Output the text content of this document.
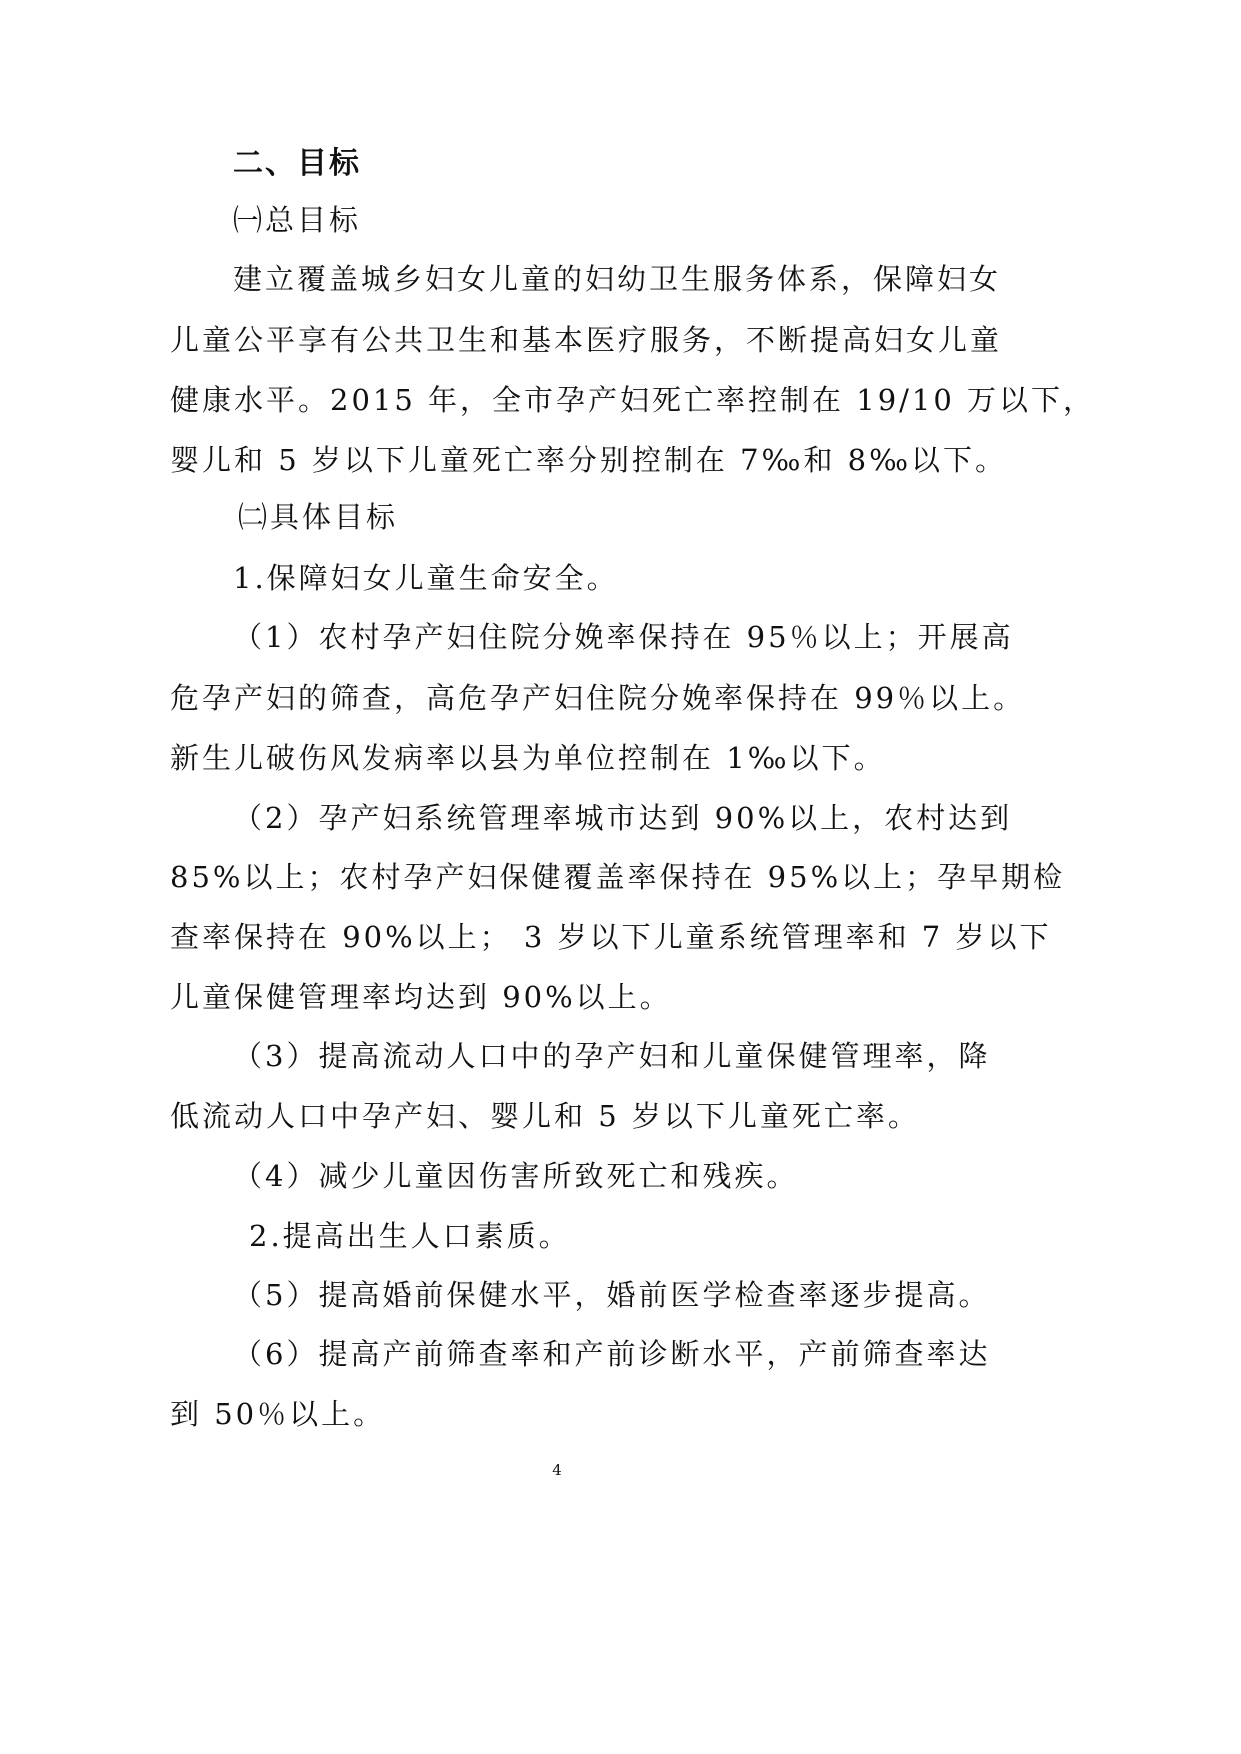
二、目标

㈠总目标

建立覆盖城乡妇女儿童的妇幼卫生服务体系，保障妇女

儿童公平享有公共卫生和基本医疗服务，不断提高妇女儿童

健康水平。2015 年，全市孕产妇死亡率控制在 19/10 万以下，

婴儿和 5 岁以下儿童死亡率分别控制在 7‰和 8‰以下。

㈡具体目标

1.保障妇女儿童生命安全。

（1）农村孕产妇住院分娩率保持在 95％以上；开展高

危孕产妇的筛查，高危孕产妇住院分娩率保持在 99％以上。

新生儿破伤风发病率以县为单位控制在 1‰以下。

（2）孕产妇系统管理率城市达到 90%以上，农村达到

85%以上；农村孕产妇保健覆盖率保持在 95%以上；孕早期检

查率保持在 90%以上； 3 岁以下儿童系统管理率和 7 岁以下

儿童保健管理率均达到 90%以上。

（3）提高流动人口中的孕产妇和儿童保健管理率，降

低流动人口中孕产妇、婴儿和 5 岁以下儿童死亡率。

（4）减少儿童因伤害所致死亡和残疾。

2.提高出生人口素质。

（5）提高婚前保健水平，婚前医学检查率逐步提高。

（6）提高产前筛查率和产前诊断水平，产前筛查率达

到 50％以上。

4
